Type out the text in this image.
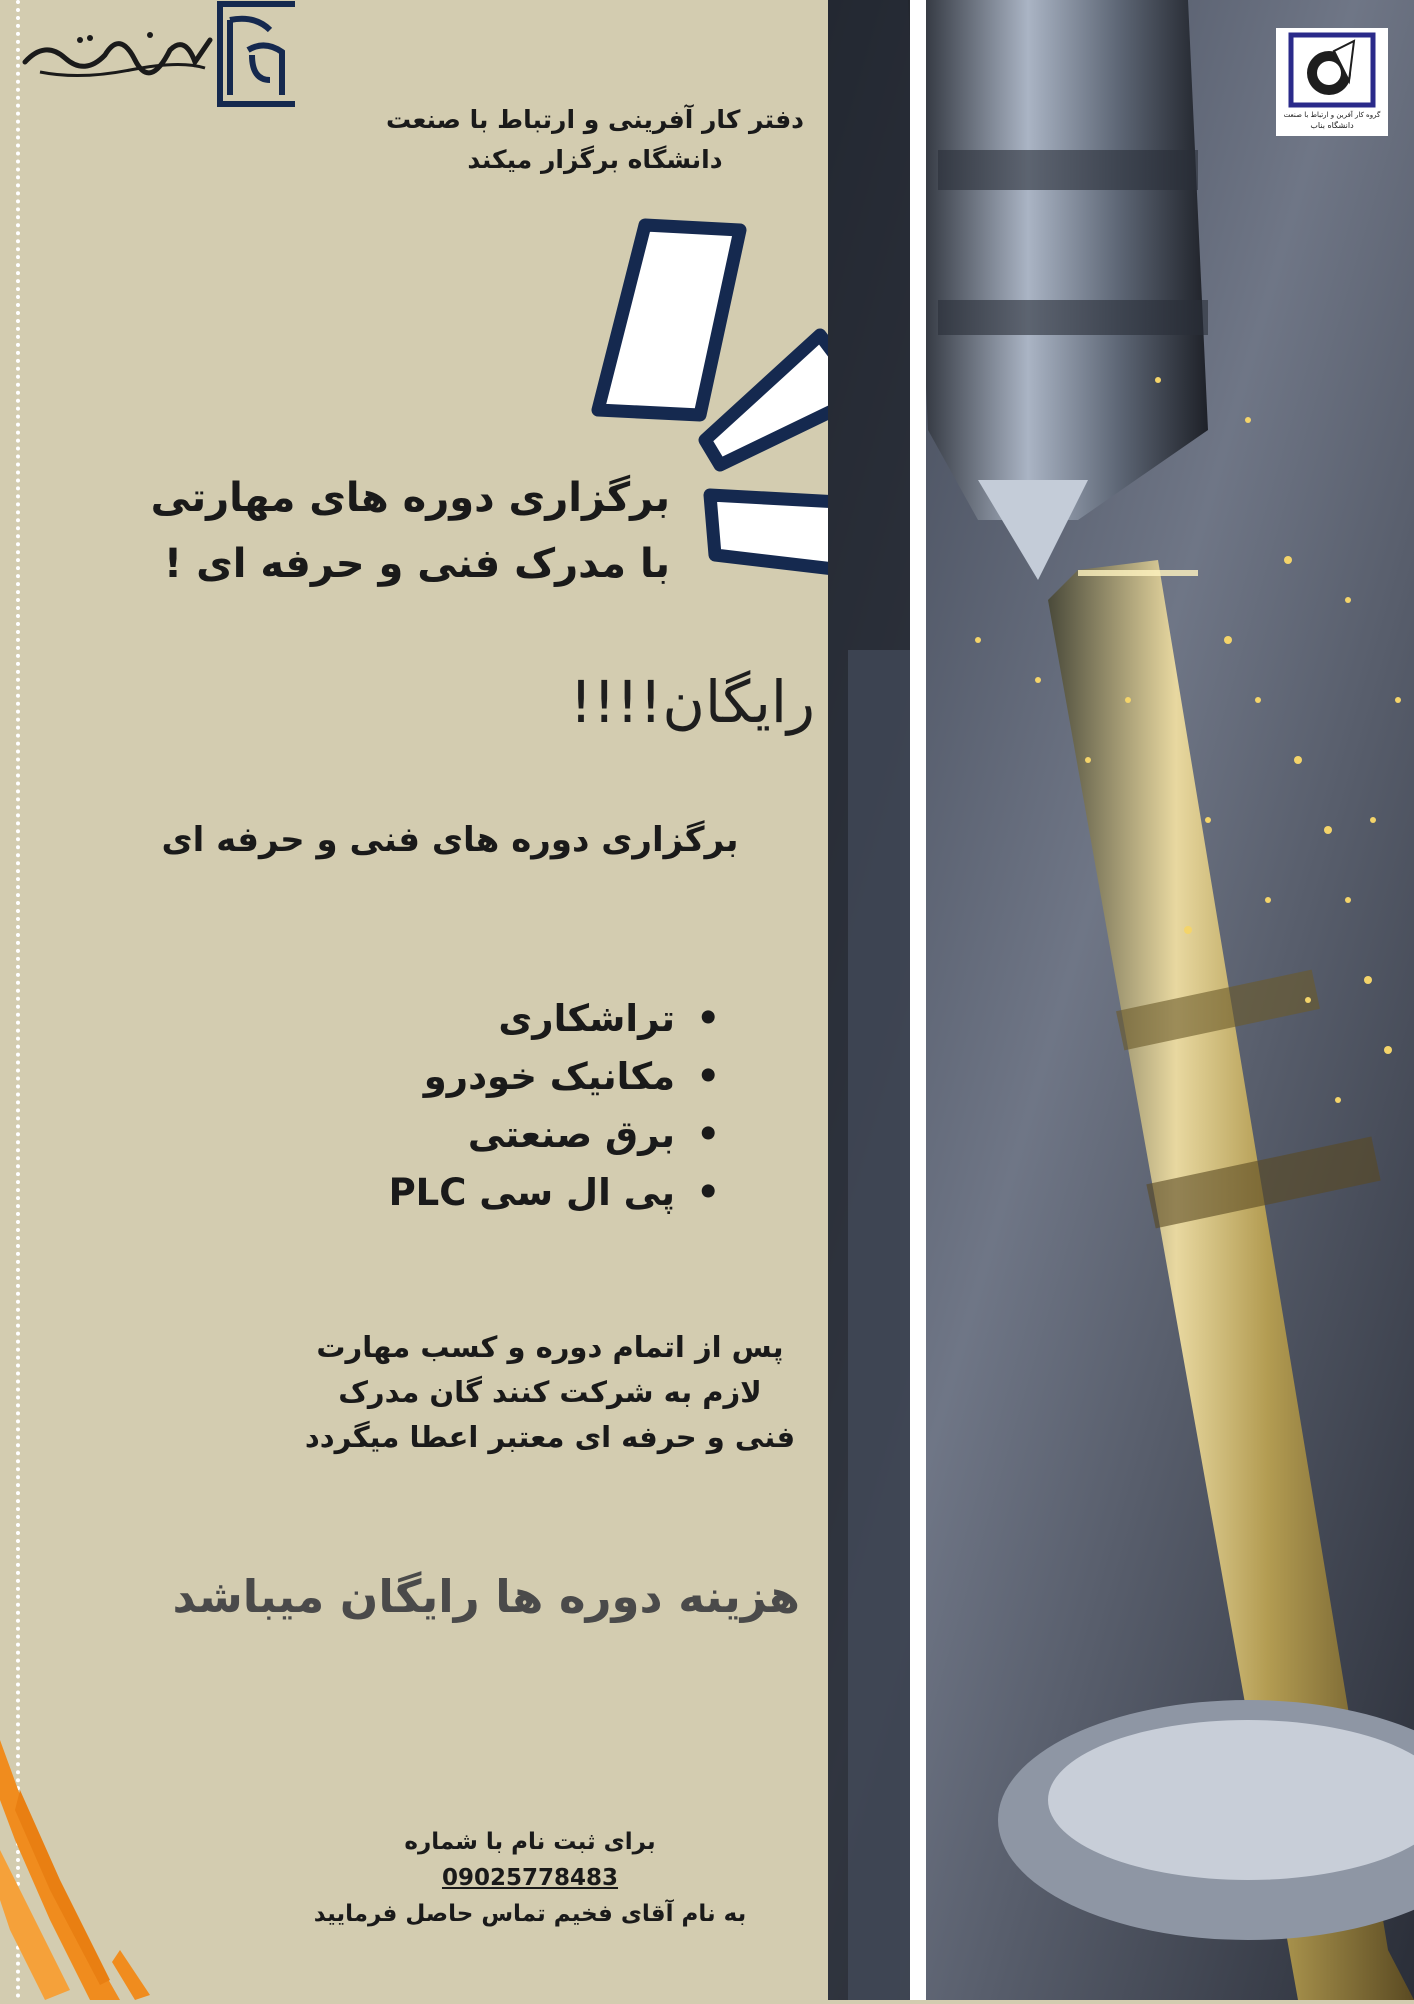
دفتر کار آفرینی و ارتباط با صنعت
دانشگاه برگزار میکند
برگزاری دوره های مهارتی
با مدرک فنی و حرفه ای !
رایگان!!!!
برگزاری دوره های فنی و حرفه ای
•
تراشکاری
•
مکانیک خودرو
•
برق صنعتی
•
پی ال سی PLC
پس از اتمام دوره و کسب مهارت
لازم به شرکت کنند گان مدرک
فنی و حرفه ای معتبر اعطا میگردد
هزینه دوره ها رایگان میباشد
برای ثبت نام با شماره
09025778483
به نام آقای فخیم تماس حاصل فرمایید
گروه کار آفرین و ارتباط با صنعت
دانشگاه بناب
